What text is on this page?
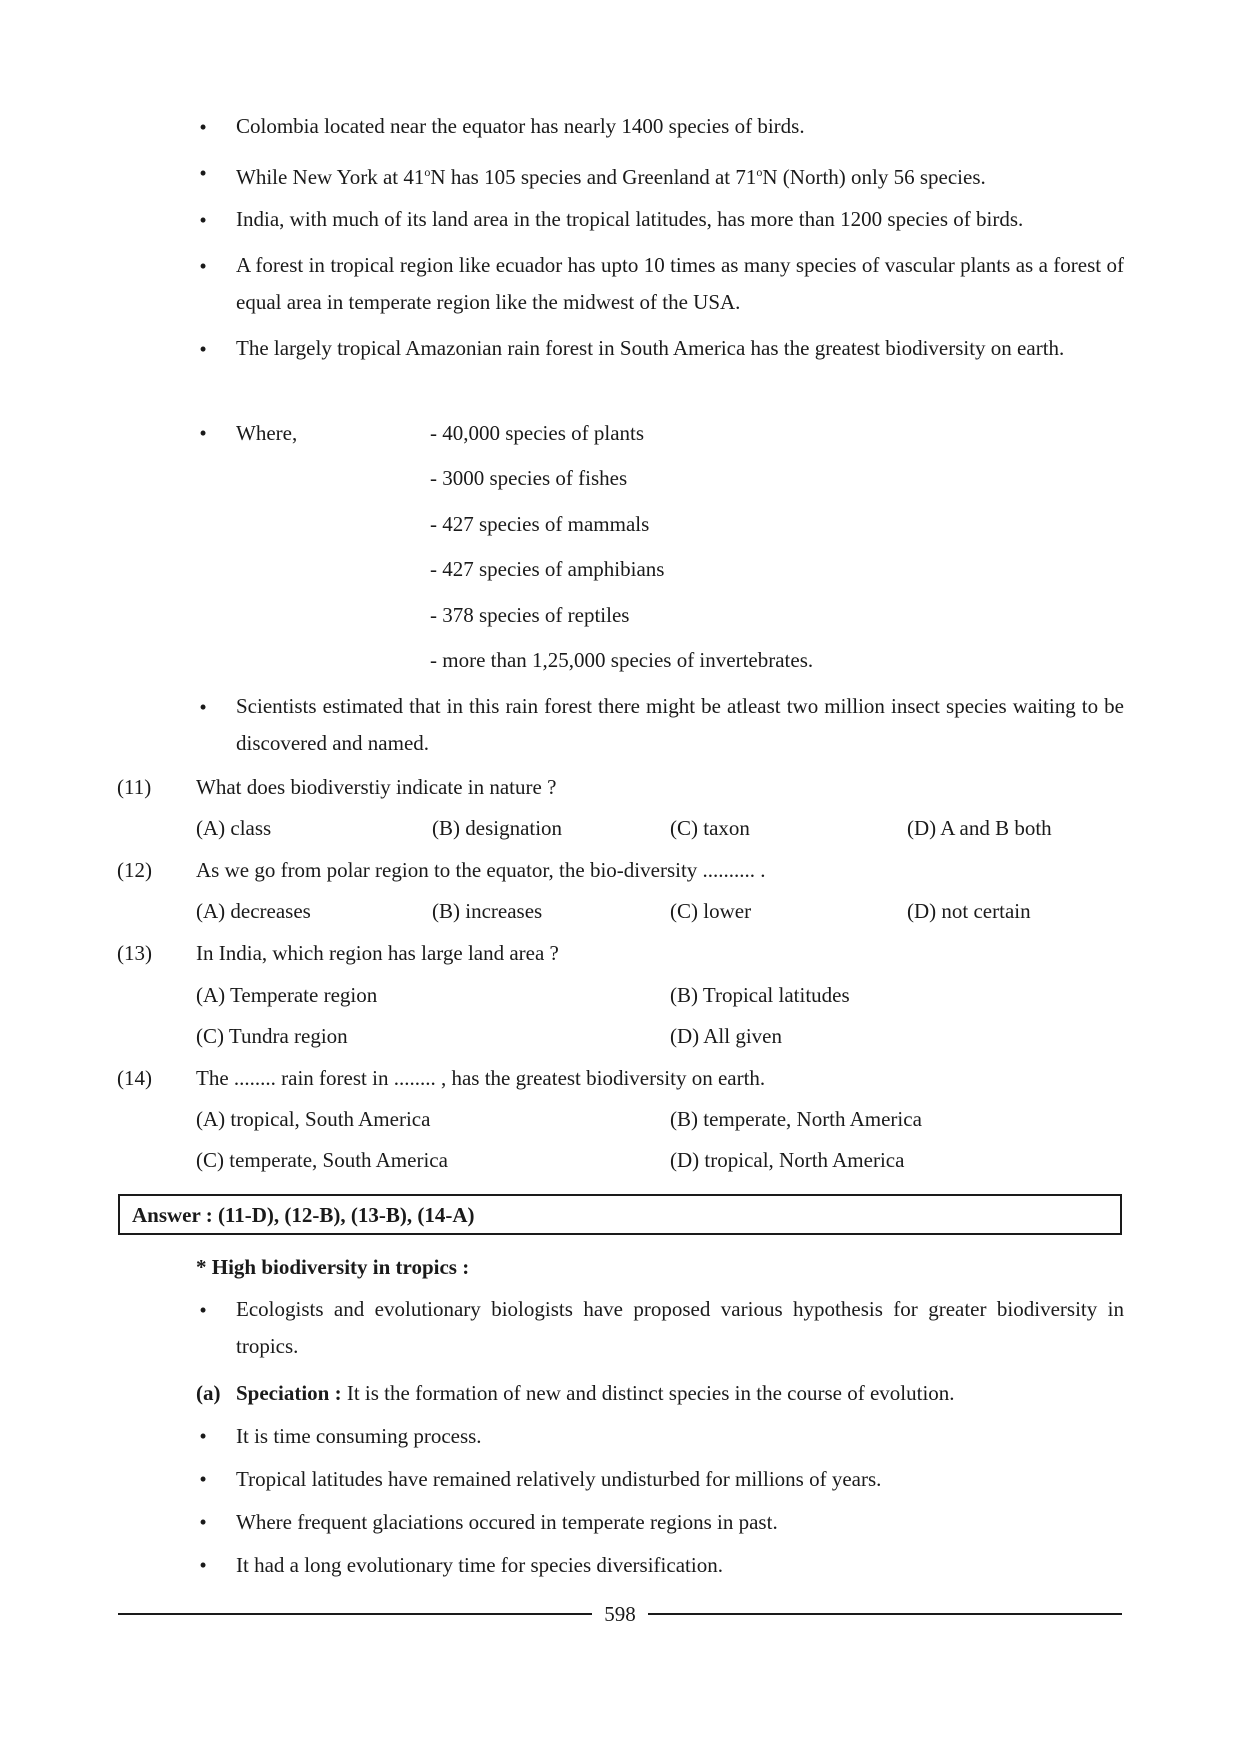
• Colombia located near the equator has nearly 1400 species of birds.
• While New York at 41$^o$N has 105 species and Greenland at 71$^o$N (North) only 56 species.
• India, with much of its land area in the tropical latitudes, has more than 1200 species of birds.
• A forest in tropical region like ecuador has upto 10 times as many species of vascular plants as a forest of equal area in temperate region like the midwest of the USA.
• The largely tropical Amazonian rain forest in South America has the greatest biodiversity on earth.
• Where,	- 40,000 species of plants
- 3000 species of fishes
- 427 species of mammals
- 427 species of amphibians
- 378 species of reptiles
- more than 1,25,000 species of invertebrates.
• Scientists estimated that in this rain forest there might be atleast two million insect species waiting to be discovered and named.
(11) What does biodiverstiy indicate in nature ?
(A) class	(B) designation	(C) taxon	(D) A and B both
(12) As we go from polar region to the equator, the bio-diversity .......... .
(A) decreases	(B) increases	(C) lower	(D) not certain
(13) In India, which region has large land area ?
(A) Temperate region	(B) Tropical latitudes
(C) Tundra region	(D) All given
(14) The ........ rain forest in ........ , has the greatest biodiversity on earth.
(A) tropical, South America	(B) temperate, North America
(C) temperate, South America	(D) tropical, North America
Answer : (11-D), (12-B), (13-B), (14-A)
* High biodiversity in tropics :
• Ecologists and evolutionary biologists have proposed various hypothesis for greater biodiversity in tropics.
(a) Speciation : It is the formation of new and distinct species in the course of evolution.
• It is time consuming process.
• Tropical latitudes have remained relatively undisturbed for millions of years.
• Where frequent glaciations occured in temperate regions in past.
• It had a long evolutionary time for species diversification.
598
